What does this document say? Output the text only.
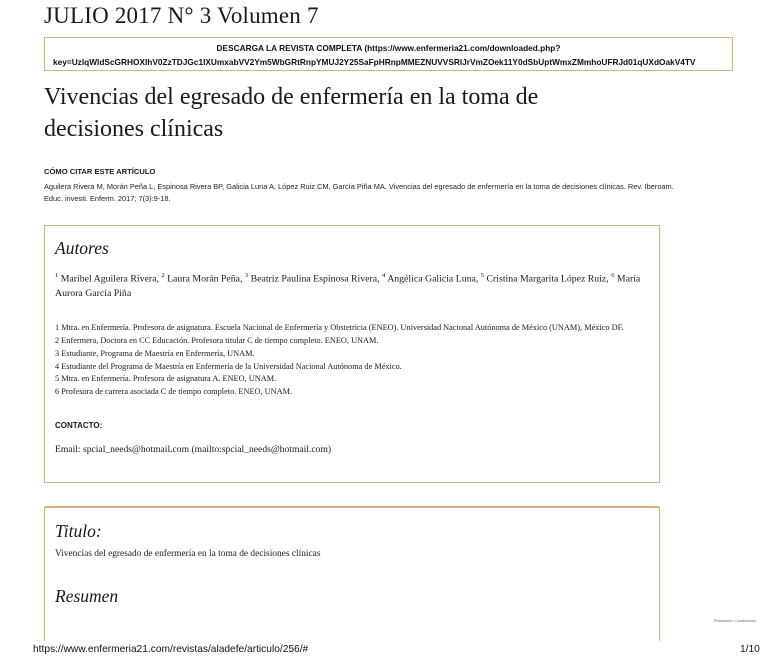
JULIO 2017 N° 3 Volumen 7
DESCARGA LA REVISTA COMPLETA (https://www.enfermeria21.com/downloaded.php?
key=UzlqWldScGRHOXlhV0ZzTDJGc1lXUmxabVV2Ym5WbGRtRnpYMUJ2Y25SaFpHRnpMMEZNUVVSRlJrVmZOek11Y0dSbUptWmxZMmhoUFRJd01qUXdOakV4TV
Vivencias del egresado de enfermería en la toma de decisiones clínicas
CÓMO CITAR ESTE ARTÍCULO
Aguilera Rivera M, Morán Peña L, Espinosa Rivera BP, Galicia Luna A, López Ruiz CM, García Piña MA. Vivencias del egresado de enfermería en la toma de decisiones clínicas. Rev. Iberoam. Educ. investi. Enferm. 2017; 7(3):9-18.
Autores
$^1$ Maribel Aguilera Rivera, $^2$ Laura Morán Peña, $^3$ Beatriz Paulina Espinosa Rivera, $^4$ Angélica Galicia Luna, $^5$ Cristina Margarita López Ruiz, $^6$ María Aurora García Piña
1 Mtra. en Enfermería. Profesora de asignatura. Escuela Nacional de Enfermería y Obstetricia (ENEO). Universidad Nacional Autónoma de México (UNAM), México DF.
2 Enfermera, Doctora en CC Educación. Profesora titular C de tiempo completo. ENEO, UNAM.
3 Estudiante, Programa de Maestría en Enfermería, UNAM.
4 Estudiante del Programa de Maestría en Enfermería de la Universidad Nacional Autónoma de México.
5 Mtra. en Enfermería. Profesora de asignatura A. ENEO, UNAM.
6 Profesora de carrera asociada C de tiempo completo. ENEO, UNAM.
CONTACTO:
Email: spcial_needs@hotmail.com (mailto:spcial_needs@hotmail.com)
Titulo:
Vivencias del egresado de enfermería en la toma de decisiones clínicas
Resumen
Privacidad • Condiciones
https://www.enfermeria21.com/revistas/aladefe/articulo/256/#	1/10
